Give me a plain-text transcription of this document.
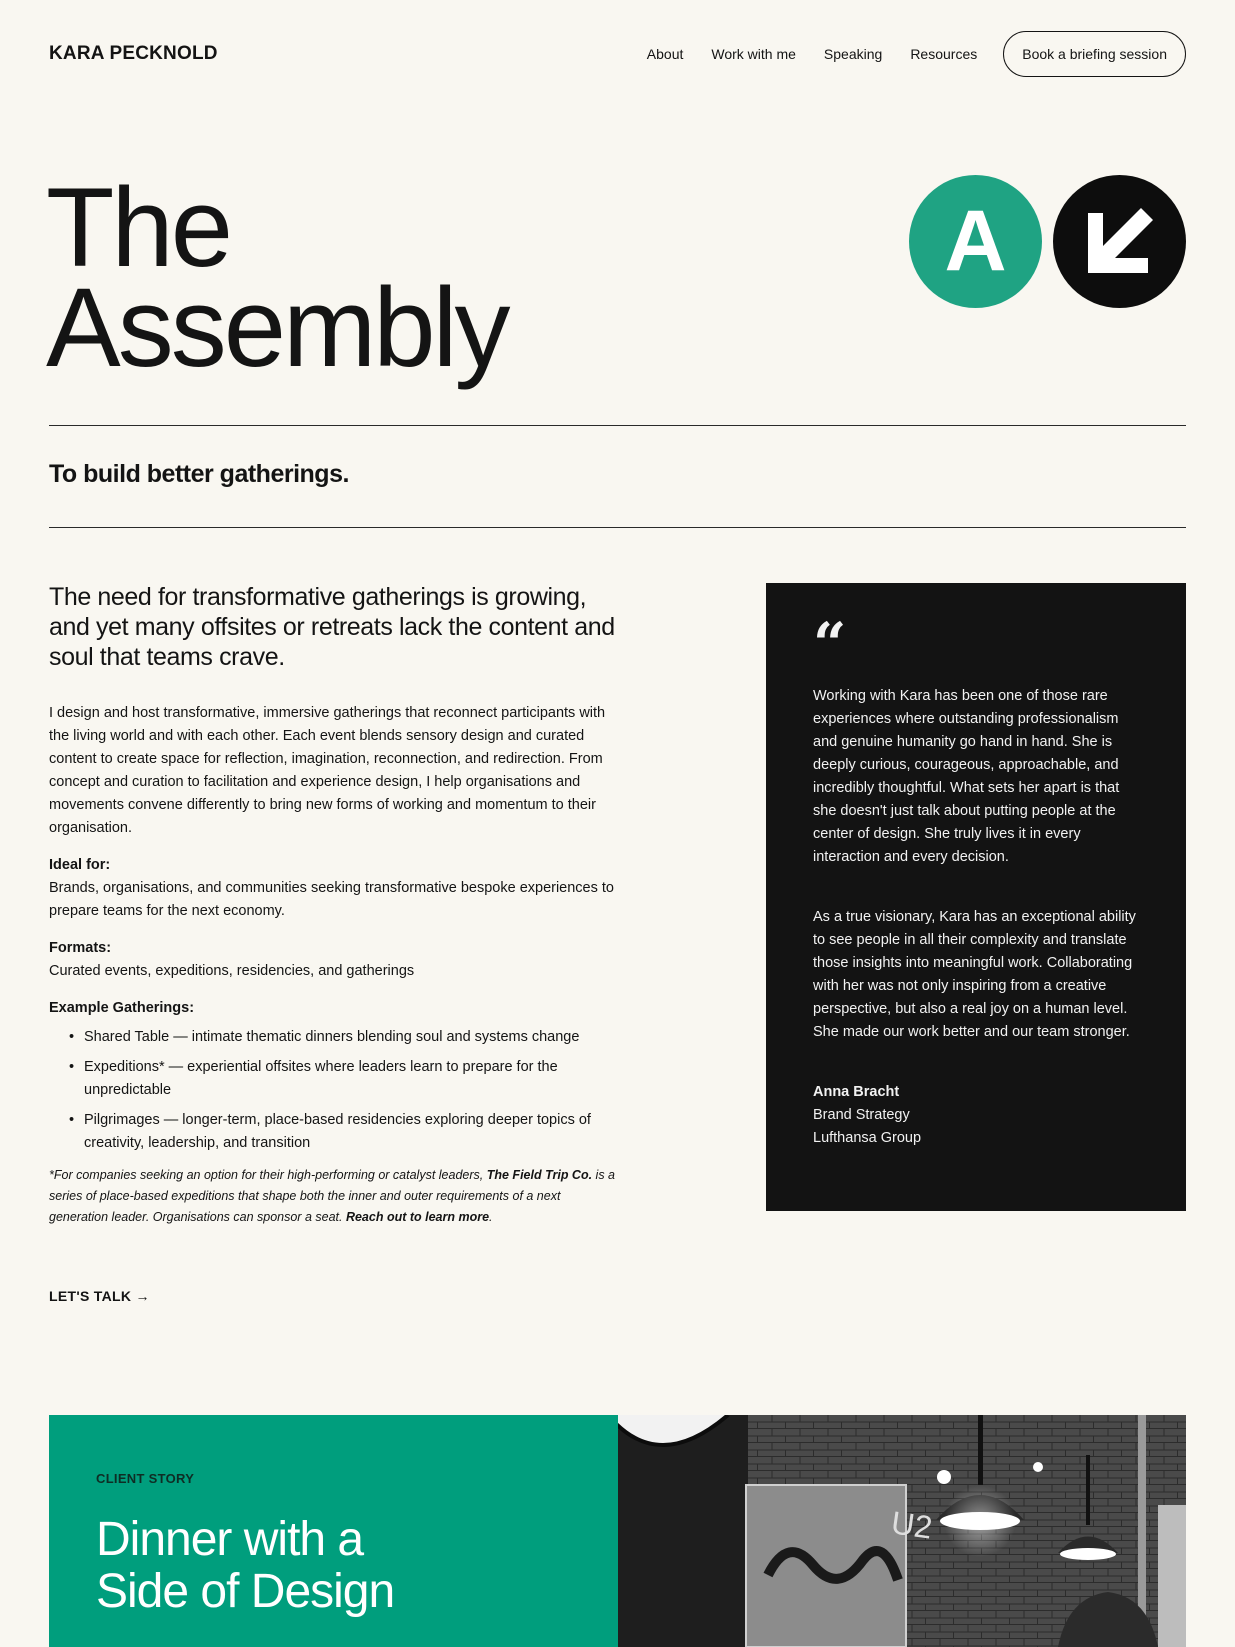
KARA PECKNOLD	About Work with me Speaking Resources	Book a briefing session
The
Assembly
A
To build better gatherings.

The need for transformative gatherings is growing, and yet many offsites or retreats lack the content and soul that teams crave.

I design and host transformative, immersive gatherings that reconnect participants with the living world and with each other. Each event blends sensory design and curated content to create space for reflection, imagination, reconnection, and redirection. From concept and curation to facilitation and experience design, I help organisations and movements convene differently to bring new forms of working and momentum to their organisation.

Ideal for:
Brands, organisations, and communities seeking transformative bespoke experiences to prepare teams for the next economy.

Formats:
Curated events, expeditions, residencies, and gatherings

Example Gatherings:
• Shared Table — intimate thematic dinners blending soul and systems change
• Expeditions* — experiential offsites where leaders learn to prepare for the unpredictable
• Pilgrimages — longer-term, place-based residencies exploring deeper topics of creativity, leadership, and transition

*For companies seeking an option for their high-performing or catalyst leaders, The Field Trip Co. is a series of place-based expeditions that shape both the inner and outer requirements of a next generation leader. Organisations can sponsor a seat. Reach out to learn more.

LET'S TALK →
“

Working with Kara has been one of those rare experiences where outstanding professionalism and genuine humanity go hand in hand. She is deeply curious, courageous, approachable, and incredibly thoughtful. What sets her apart is that she doesn't just talk about putting people at the center of design. She truly lives it in every interaction and every decision.

As a true visionary, Kara has an exceptional ability to see people in all their complexity and translate those insights into meaningful work. Collaborating with her was not only inspiring from a creative perspective, but also a real joy on a human level. She made our work better and our team stronger.

Anna Bracht
Brand Strategy
Lufthansa Group
CLIENT STORY
Dinner with a
Side of Design
U2
